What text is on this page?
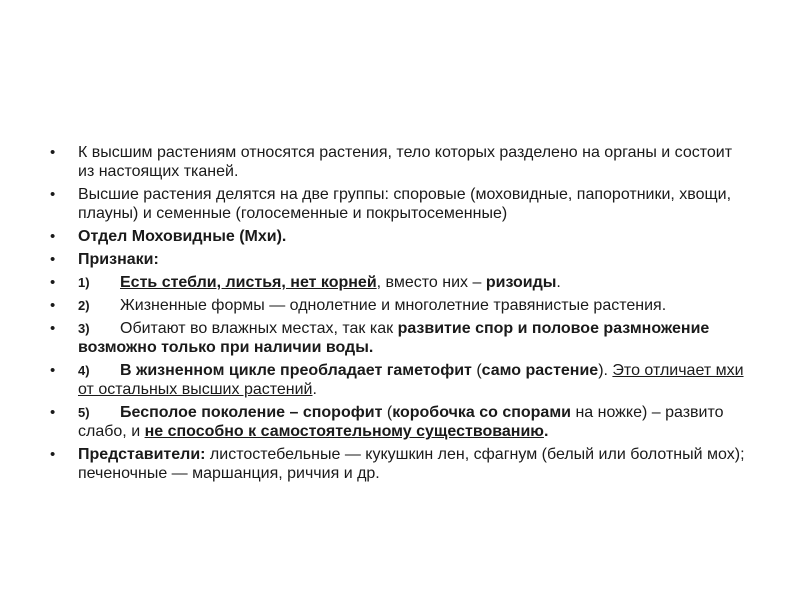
• К высшим растениям относятся растения, тело которых разделено на органы и состоит из настоящих тканей.
• Высшие растения делятся на две группы: споровые (моховидные, папоротники, хвощи, плауны) и семенные (голосеменные и покрытосеменные)
• Отдел Моховидные (Мхи).
• Признаки:
• 1) Есть стебли, листья, нет корней, вместо них – ризоиды.
• 2) Жизненные формы — однолетние и многолетние травянистые растения.
• 3) Обитают во влажных местах, так как развитие спор и половое размножение возможно только при наличии воды.
• 4) В жизненном цикле преобладает гаметофит (само растение). Это отличает мхи от остальных высших растений.
• 5) Бесполое поколение – спорофит (коробочка со спорами на ножке) – развито слабо, и не способно к самостоятельному существованию.
• Представители: листостебельные — кукушкин лен, сфагнум (белый или болотный мох); печеночные — маршанция, риччия и др.
